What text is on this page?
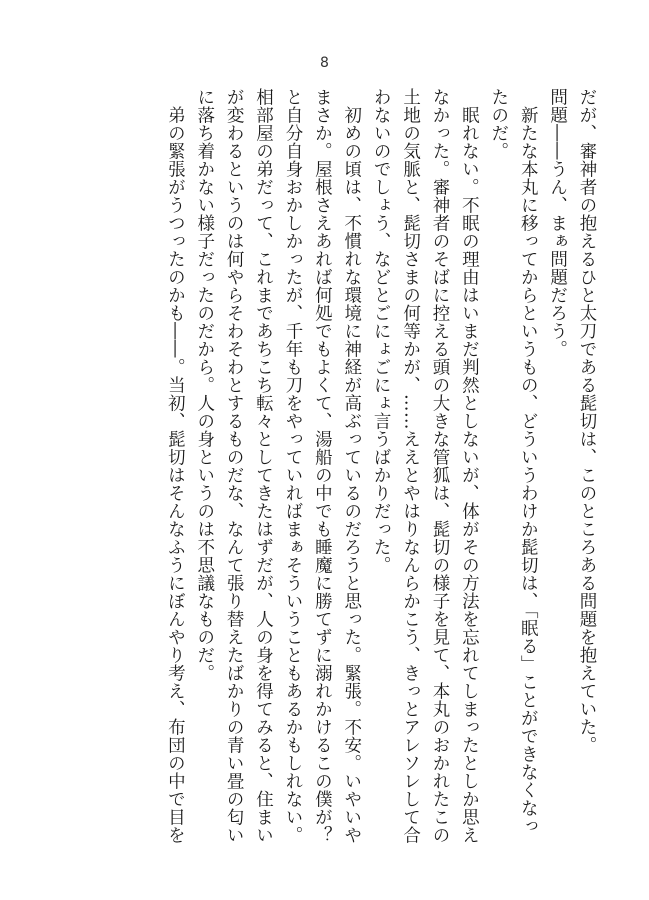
8
だが、審神者の抱えるひと太刀である髭切は、このところある問題を抱えていた。
問題――うん、まぁ問題だろう。
新たな本丸に移ってからというもの、どういうわけか髭切は、「眠る」ことができなくなっ
たのだ。
眠れない。不眠の理由はいまだ判然としないが、体がその方法を忘れてしまったとしか思え
なかった。審神者のそばに控える頭の大きな管狐は、髭切の様子を見て、本丸のおかれたこの
土地の気脈と、髭切さまの何等かが、……ええとやはりなんらかこう、きっとアレソレして合
わないのでしょう、などとごにょごにょ言うばかりだった。
初めの頃は、不慣れな環境に神経が高ぶっているのだろうと思った。緊張。不安。いやいや
まさか。屋根さえあれば何処でもよくて、湯船の中でも睡魔に勝てずに溺れかけるこの僕が？
と自分自身おかしかったが、千年も刀をやっていればまぁそういうこともあるかもしれない。
相部屋の弟だって、これまであちこち転々としてきたはずだが、人の身を得てみると、住まい
が変わるというのは何やらそわそわとするものだな、なんて張り替えたばかりの青い畳の匂い
に落ち着かない様子だったのだから。人の身というのは不思議なものだ。
弟の緊張がうつったのかも――。当初、髭切はそんなふうにぼんやり考え、布団の中で目を
